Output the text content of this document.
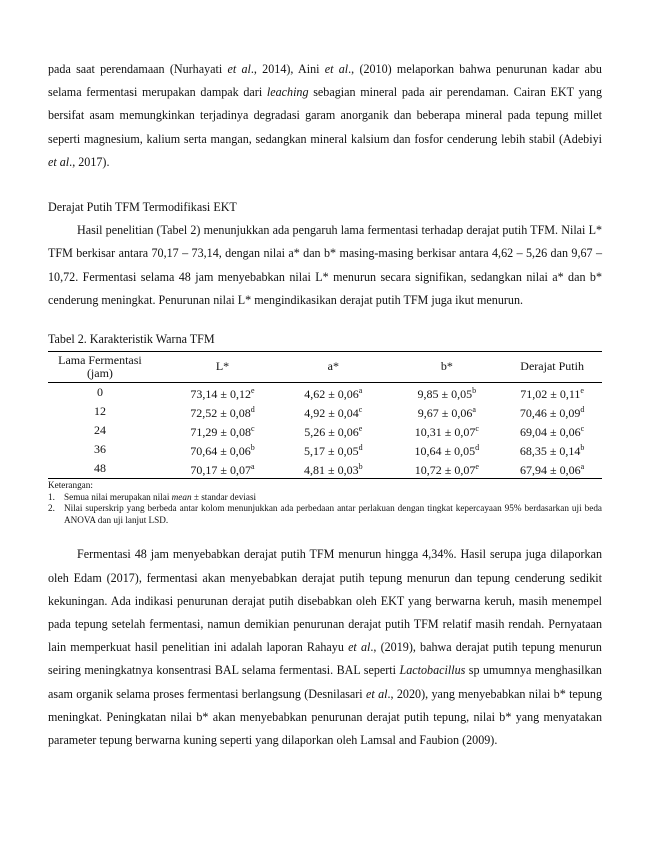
pada saat perendamaan (Nurhayati et al., 2014), Aini et al., (2010) melaporkan bahwa penurunan kadar abu selama fermentasi merupakan dampak dari leaching sebagian mineral pada air perendaman. Cairan EKT yang bersifat asam memungkinkan terjadinya degradasi garam anorganik dan beberapa mineral pada tepung millet seperti magnesium, kalium serta mangan, sedangkan mineral kalsium dan fosfor cenderung lebih stabil (Adebiyi et al., 2017).

Derajat Putih TFM Termodifikasi EKT

Hasil penelitian (Tabel 2) menunjukkan ada pengaruh lama fermentasi terhadap derajat putih TFM. Nilai L* TFM berkisar antara 70,17 – 73,14, dengan nilai a* dan b* masing-masing berkisar antara 4,62 – 5,26 dan 9,67 – 10,72. Fermentasi selama 48 jam menyebabkan nilai L* menurun secara signifikan, sedangkan nilai a* dan b* cenderung meningkat. Penurunan nilai L* mengindikasikan derajat putih TFM juga ikut menurun.

Tabel 2. Karakteristik Warna TFM
Lama Fermentasi (jam)	L*	a*	b*	Derajat Putih
0	73,14 ± 0,12$^e$	4,62 ± 0,06$^a$	9,85 ± 0,05$^b$	71,02 ± 0,11$^e$
12	72,52 ± 0,08$^d$	4,92 ± 0,04$^c$	9,67 ± 0,06$^a$	70,46 ± 0,09$^d$
24	71,29 ± 0,08$^c$	5,26 ± 0,06$^e$	10,31 ± 0,07$^c$	69,04 ± 0,06$^c$
36	70,64 ± 0,06$^b$	5,17 ± 0,05$^d$	10,64 ± 0,05$^d$	68,35 ± 0,14$^b$
48	70,17 ± 0,07$^a$	4,81 ± 0,03$^b$	10,72 ± 0,07$^e$	67,94 ± 0,06$^a$
Keterangan:
1. Semua nilai merupakan nilai mean ± standar deviasi
2. Nilai superskrip yang berbeda antar kolom menunjukkan ada perbedaan antar perlakuan dengan tingkat kepercayaan 95% berdasarkan uji beda ANOVA dan uji lanjut LSD.

Fermentasi 48 jam menyebabkan derajat putih TFM menurun hingga 4,34%. Hasil serupa juga dilaporkan oleh Edam (2017), fermentasi akan menyebabkan derajat putih tepung menurun dan tepung cenderung sedikit kekuningan. Ada indikasi penurunan derajat putih disebabkan oleh EKT yang berwarna keruh, masih menempel pada tepung setelah fermentasi, namun demikian penurunan derajat putih TFM relatif masih rendah. Pernyataan lain memperkuat hasil penelitian ini adalah laporan Rahayu et al., (2019), bahwa derajat putih tepung menurun seiring meningkatnya konsentrasi BAL selama fermentasi. BAL seperti Lactobacillus sp umumnya menghasilkan asam organik selama proses fermentasi berlangsung (Desnilasari et al., 2020), yang menyebabkan nilai b* tepung meningkat. Peningkatan nilai b* akan menyebabkan penurunan derajat putih tepung, nilai b* yang menyatakan parameter tepung berwarna kuning seperti yang dilaporkan oleh Lamsal and Faubion (2009).
